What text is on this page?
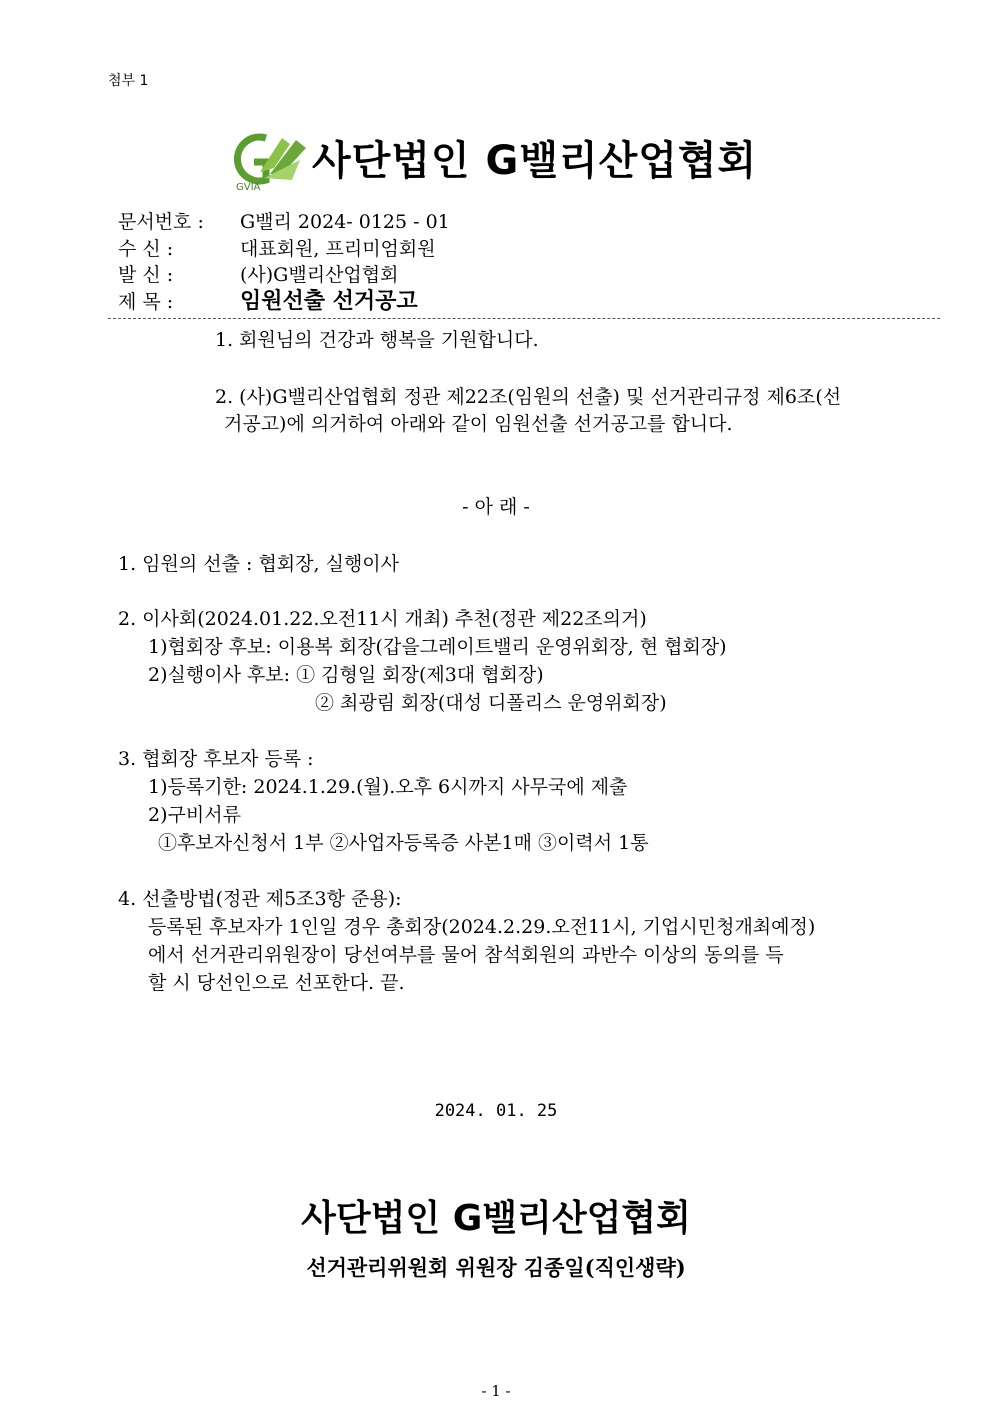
첨부 1
GVIA
사단법인 G밸리산업협회
문서번호 : G밸리 2024- 0125 - 01
수 신 :	대표회원, 프리미엄회원
발 신 :	(사)G밸리산업협회
제 목 :	임원선출 선거공고
1. 회원님의 건강과 행복을 기원합니다.
2. (사)G밸리산업협회 정관 제22조(임원의 선출) 및 선거관리규정 제6조(선
거공고)에 의거하여 아래와 같이 임원선출 선거공고를 합니다.
- 아 래 -
1. 임원의 선출 : 협회장, 실행이사
2. 이사회(2024.01.22.오전11시 개최) 추천(정관 제22조의거)
1)협회장 후보: 이용복 회장(갑을그레이트밸리 운영위회장, 현 협회장)
2)실행이사 후보: ① 김형일 회장(제3대 협회장)
② 최광림 회장(대성 디폴리스 운영위회장)
3. 협회장 후보자 등록 :
1)등록기한: 2024.1.29.(월).오후 6시까지 사무국에 제출
2)구비서류
①후보자신청서 1부 ②사업자등록증 사본1매 ③이력서 1통
4. 선출방법(정관 제5조3항 준용):
등록된 후보자가 1인일 경우 총회장(2024.2.29.오전11시, 기업시민청개최예정)
에서 선거관리위원장이 당선여부를 물어 참석회원의 과반수 이상의 동의를 득
할 시 당선인으로 선포한다. 끝.
2024. 01. 25
사단법인 G밸리산업협회
선거관리위원회 위원장 김종일(직인생략)
- 1 -
